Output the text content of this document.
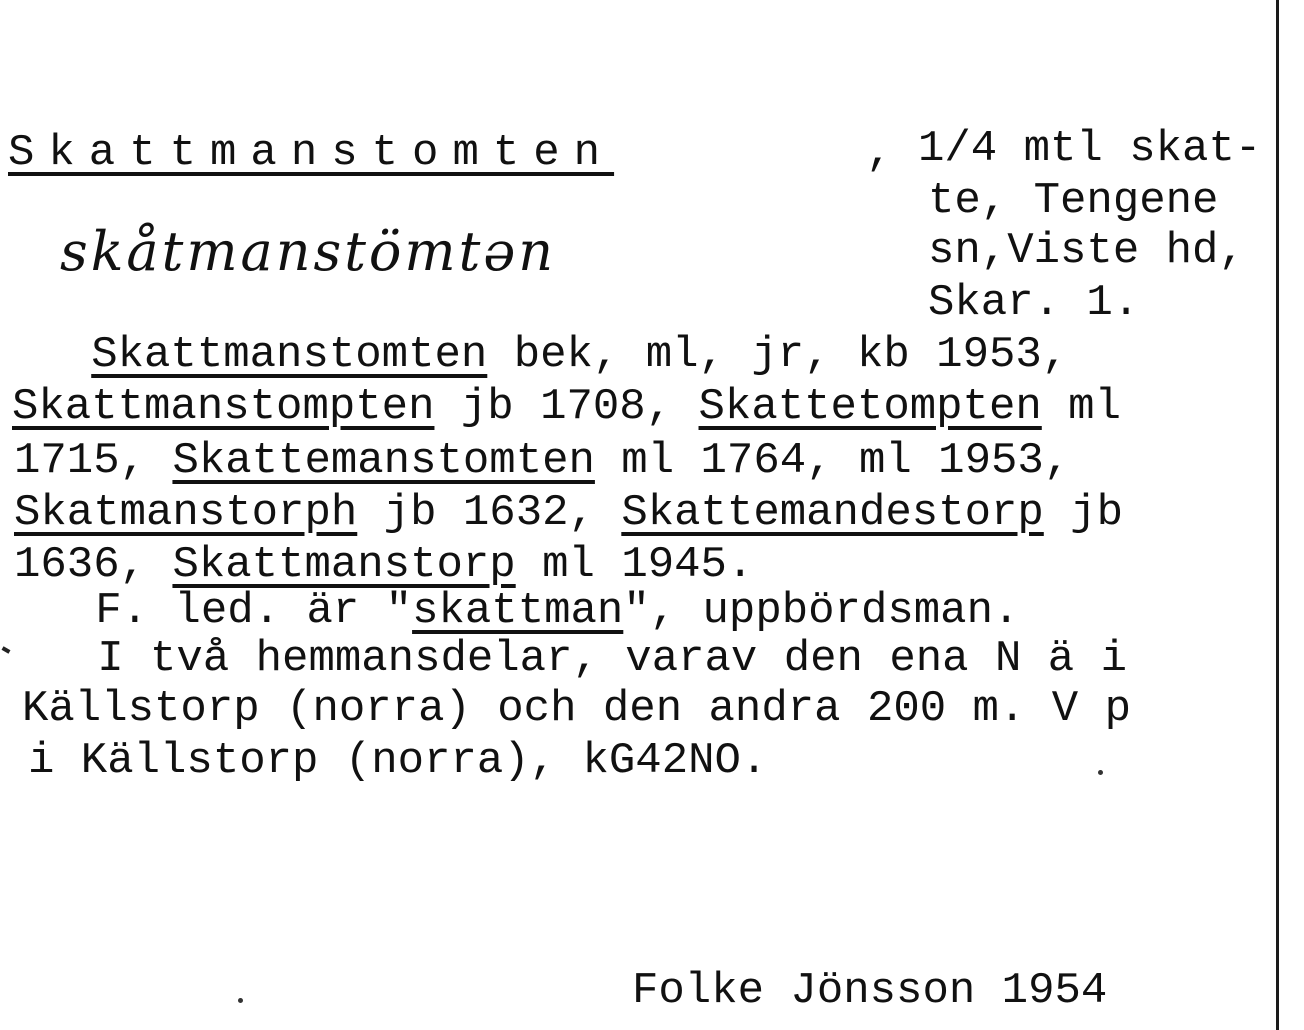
Skattmanstomten	, 1/4 mtl skat-
te, Tengene
sn,Viste hd,
Skar. 1.
skåtmanstömtən
Skattmanstomten bek, ml, jr, kb 1953,
Skattmanstompten jb 1708, Skattetompten ml
1715, Skattemanstomten ml 1764, ml 1953,
Skatmanstorph jb 1632, Skattemandestorp jb
1636, Skattmanstorp ml 1945.
F. led. är "skattman", uppbördsman.
I två hemmansdelar, varav den ena N ä i
Källstorp (norra) och den andra 200 m. V p
i Källstorp (norra), kG42NO.
Folke Jönsson 1954
